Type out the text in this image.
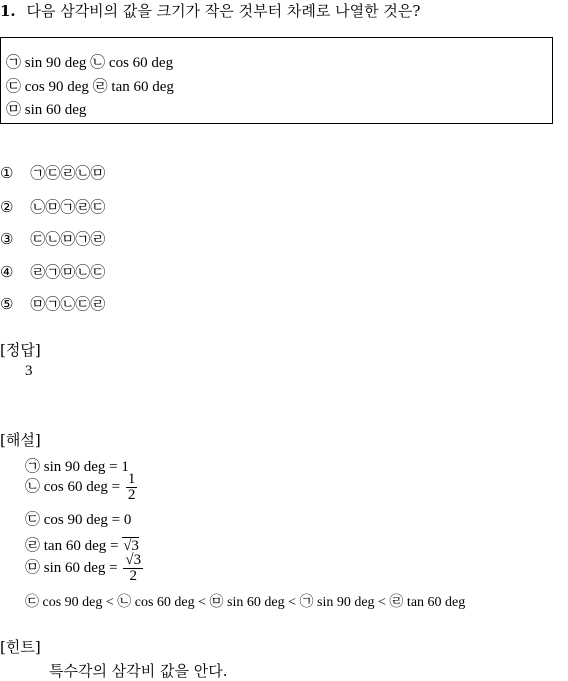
1. 다음 삼각비의 값을 크기가 작은 것부터 차례로 나열한 것은?
㉠ sin 90 deg ㉡ cos 60 deg
㉢ cos 90 deg ㉣ tan 60 deg
㉤ sin 60 deg
① ㉠㉢㉣㉡㉤
② ㉡㉤㉠㉣㉢
③ ㉢㉡㉤㉠㉣
④ ㉣㉠㉤㉡㉢
⑤ ㉤㉠㉡㉢㉣
[정답]
3
[해설]
㉠ sin 90 deg = 1
㉡ cos 60 deg = $\frac{1}{2}$
㉢ cos 90 deg = 0
㉣ tan 60 deg = √3
㉤ sin 60 deg = $\frac{√3}{2}$
㉢ cos 90 deg < ㉡ cos 60 deg < ㉤ sin 60 deg < ㉠ sin 90 deg < ㉣ tan 60 deg
[힌트]
특수각의 삼각비 값을 안다.
